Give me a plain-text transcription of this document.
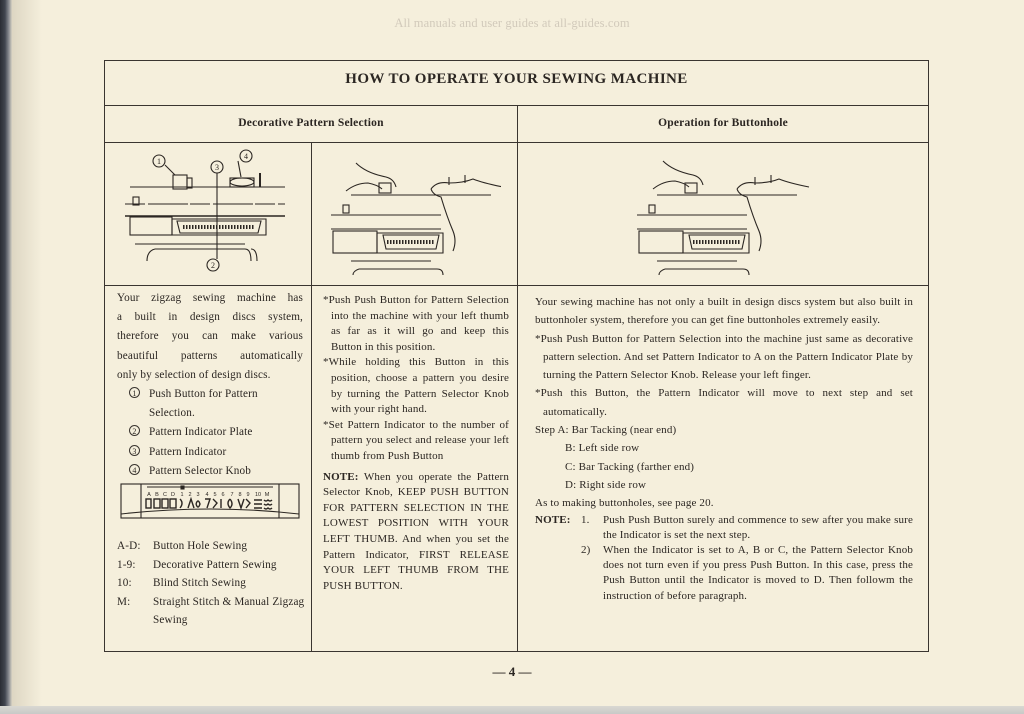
All manuals and user guides at all-guides.com
HOW TO OPERATE YOUR SEWING MACHINE
Decorative Pattern Selection	Operation for Buttonhole
1
3
4
2

Your zigzag sewing machine has

a built in design discs system,

therefore you can make various

beautiful patterns automatically

only by selection of design discs.

1	Push Button for Pattern Selection.
2	Pattern Indicator Plate
3	Pattern Indicator
4	Pattern Selector Knob
A B C D 1 2 3 4 5 6 7 8 9 10 M
A-D:	Button Hole Sewing
1-9:	Decorative Pattern Sewing
10:	Blind Stitch Sewing
M:	Straight Stitch & Manual Zigzag Sewing
*Push Push Button for Pattern Selection into the machine with your left thumb as far as it will go and keep this Button in this position.
*While holding this Button in this position, choose a pattern you desire by turning the Pattern Selector Knob with your right hand.
*Set Pattern Indicator to the number of pattern you select and release your left thumb from Push Button
NOTE: When you operate the Pattern Selector Knob, KEEP PUSH BUTTON FOR PATTERN SELECTION IN THE LOWEST POSITION WITH YOUR LEFT THUMB. And when you set the Pattern Indicator, FIRST RELEASE YOUR LEFT THUMB FROM THE PUSH BUTTON.
Your sewing machine has not only a built in design discs system but also built in buttonholer system, therefore you can get fine buttonholes extremely easily.
*Push Push Button for Pattern Selection into the machine just same as decorative pattern selection. And set Pattern Indicator to A on the Pattern Indicator Plate by turning the Pattern Selector Knob. Release your left finger.
*Push this Button, the Pattern Indicator will move to next step and set automatically.
Step A: Bar Tacking (near end)
B: Left side row
C: Bar Tacking (farther end)
D: Right side row
As to making buttonholes, see page 20.
NOTE: 1.	Push Push Button surely and commence to sew after you make sure the Indicator is set the next step.
2)	When the Indicator is set to A, B or C, the Pattern Selector Knob does not turn even if you press Push Button. In this case, press the Push Button until the Indicator is moved to D. Then followm the instruction of before paragraph.
— 4 —
